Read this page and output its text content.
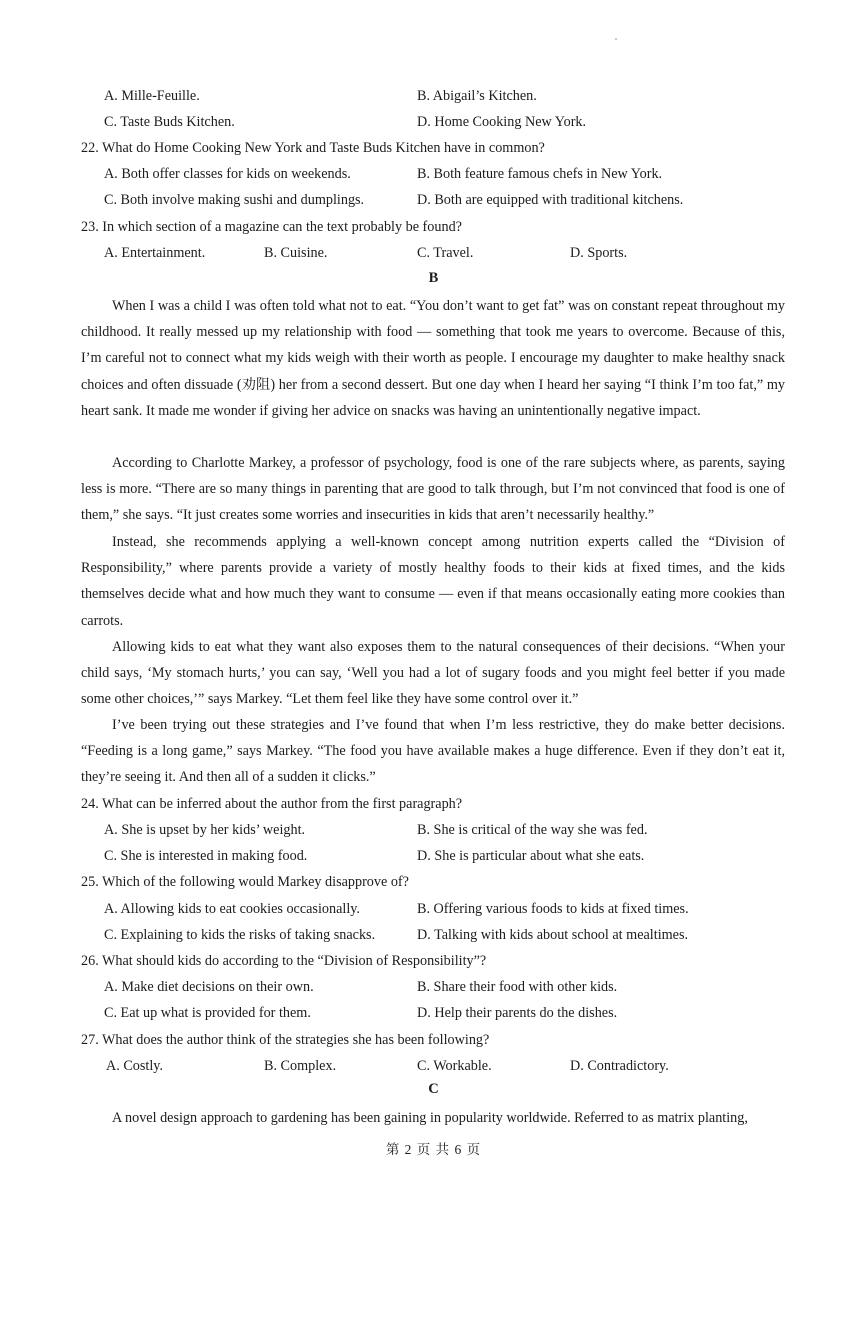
A. Mille-Feuille.	B. Abigail’s Kitchen.
C. Taste Buds Kitchen.	D. Home Cooking New York.
22. What do Home Cooking New York and Taste Buds Kitchen have in common?
A. Both offer classes for kids on weekends.	B. Both feature famous chefs in New York.
C. Both involve making sushi and dumplings.	D. Both are equipped with traditional kitchens.
23. In which section of a magazine can the text probably be found?
A. Entertainment.	B. Cuisine.	C. Travel.	D. Sports.
B
When I was a child I was often told what not to eat. “You don’t want to get fat” was on constant repeat throughout my childhood. It really messed up my relationship with food — something that took me years to overcome. Because of this, I’m careful not to connect what my kids weigh with their worth as people. I encourage my daughter to make healthy snack choices and often dissuade (劝阻) her from a second dessert. But one day when I heard her saying “I think I’m too fat,” my heart sank. It made me wonder if giving her advice on snacks was having an unintentionally negative impact.
According to Charlotte Markey, a professor of psychology, food is one of the rare subjects where, as parents, saying less is more. “There are so many things in parenting that are good to talk through, but I’m not convinced that food is one of them,” she says. “It just creates some worries and insecurities in kids that aren’t necessarily healthy.”
Instead, she recommends applying a well-known concept among nutrition experts called the “Division of Responsibility,” where parents provide a variety of mostly healthy foods to their kids at fixed times, and the kids themselves decide what and how much they want to consume — even if that means occasionally eating more cookies than carrots.
Allowing kids to eat what they want also exposes them to the natural consequences of their decisions. “When your child says, ‘My stomach hurts,’ you can say, ‘Well you had a lot of sugary foods and you might feel better if you made some other choices,’” says Markey. “Let them feel like they have some control over it.”
I’ve been trying out these strategies and I’ve found that when I’m less restrictive, they do make better decisions. “Feeding is a long game,” says Markey. “The food you have available makes a huge difference. Even if they don’t eat it, they’re seeing it. And then all of a sudden it clicks.”
24. What can be inferred about the author from the first paragraph?
A. She is upset by her kids’ weight.	B. She is critical of the way she was fed.
C. She is interested in making food.	D. She is particular about what she eats.
25. Which of the following would Markey disapprove of?
A. Allowing kids to eat cookies occasionally.	B. Offering various foods to kids at fixed times.
C. Explaining to kids the risks of taking snacks.	D. Talking with kids about school at mealtimes.
26. What should kids do according to the “Division of Responsibility”?
A. Make diet decisions on their own.	B. Share their food with other kids.
C. Eat up what is provided for them.	D. Help their parents do the dishes.
27. What does the author think of the strategies she has been following?
A. Costly.	B. Complex.	C. Workable.	D. Contradictory.
C
A novel design approach to gardening has been gaining in popularity worldwide. Referred to as matrix planting,
第 2 页 共 6 页
